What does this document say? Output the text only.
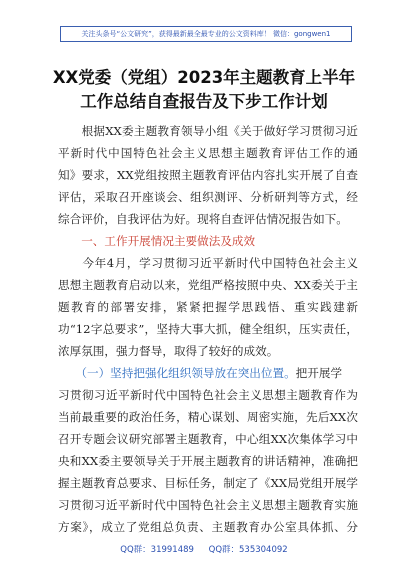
关注头条号“公文研究”，获得最新最全最专业的公文资料库！ 微信：gongwen1
XX党委（党组）2023年主题教育上半年
工作总结自查报告及下步工作计划
　　根据XX委主题教育领导小组《关于做好学习贯彻习近
平新时代中国特色社会主义思想主题教育评估工作的通
知》要求，XX党组按照主题教育评估内容扎实开展了自查
评估，采取召开座谈会、组织测评、分析研判等方式，经
综合评价，自我评估为好。现将自查评估情况报告如下。
　　一、工作开展情况主要做法及成效
　　今年4月，学习贯彻习近平新时代中国特色社会主义
思想主题教育启动以来，党组严格按照中央、XX委关于主
题教育的部署安排，紧紧把握学思践悟、重实践建新
功“12字总要求”，坚持大事大抓，健全组织，压实责任，
浓厚氛围，强力督导，取得了较好的成效。
　　（一）坚持把强化组织领导放在突出位置。把开展学
习贯彻习近平新时代中国特色社会主义思想主题教育作为
当前最重要的政治任务，精心谋划、周密实施，先后XX次
召开专题会议研究部署主题教育，中心组XX次集体学习中
央和XX委主要领导关于开展主题教育的讲话精神，准确把
握主题教育总要求、目标任务，制定了《XX局党组开展学
习贯彻习近平新时代中国特色社会主义思想主题教育实施
方案》，成立了党组总负责、主题教育办公室具体抓、分
QQ群：31991489 QQ群：535304092
